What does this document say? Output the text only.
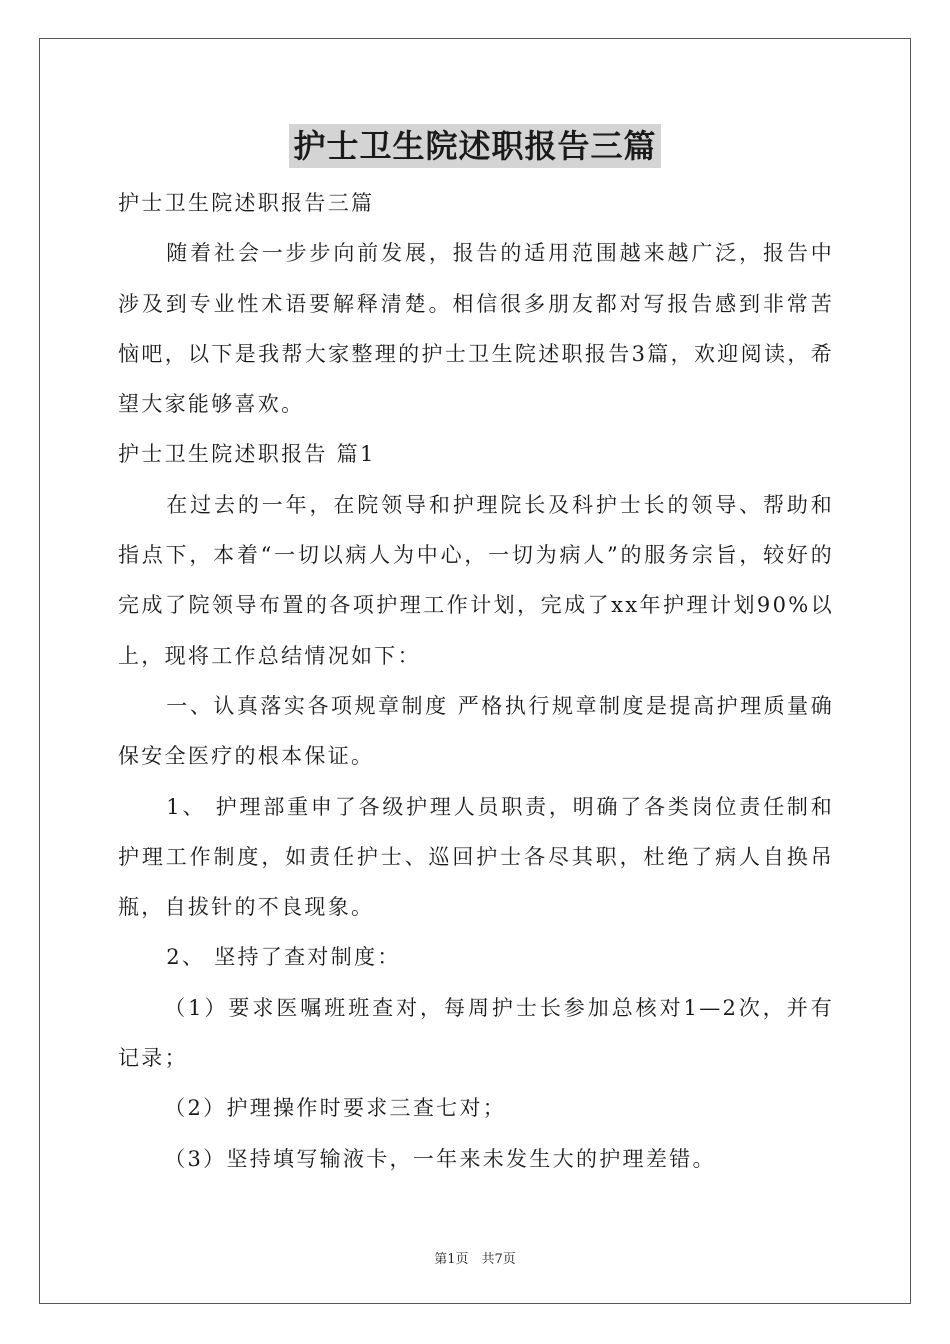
护士卫生院述职报告三篇

护士卫生院述职报告三篇

随着社会一步步向前发展，报告的适用范围越来越广泛，报告中涉及到专业性术语要解释清楚。相信很多朋友都对写报告感到非常苦恼吧，以下是我帮大家整理的护士卫生院述职报告3篇，欢迎阅读，希望大家能够喜欢。

护士卫生院述职报告 篇1

在过去的一年，在院领导和护理院长及科护士长的领导、帮助和指点下，本着“一切以病人为中心，一切为病人”的服务宗旨，较好的完成了院领导布置的各项护理工作计划，完成了xx年护理计划90%以上，现将工作总结情况如下：

一、认真落实各项规章制度 严格执行规章制度是提高护理质量确保安全医疗的根本保证。

1、 护理部重申了各级护理人员职责，明确了各类岗位责任制和护理工作制度，如责任护士、巡回护士各尽其职，杜绝了病人自换吊瓶，自拔针的不良现象。

2、 坚持了查对制度：

（1）要求医嘱班班查对，每周护士长参加总核对1—2次，并有记录；

（2）护理操作时要求三查七对；

（3）坚持填写输液卡，一年来未发生大的护理差错。

第1页　共7页
